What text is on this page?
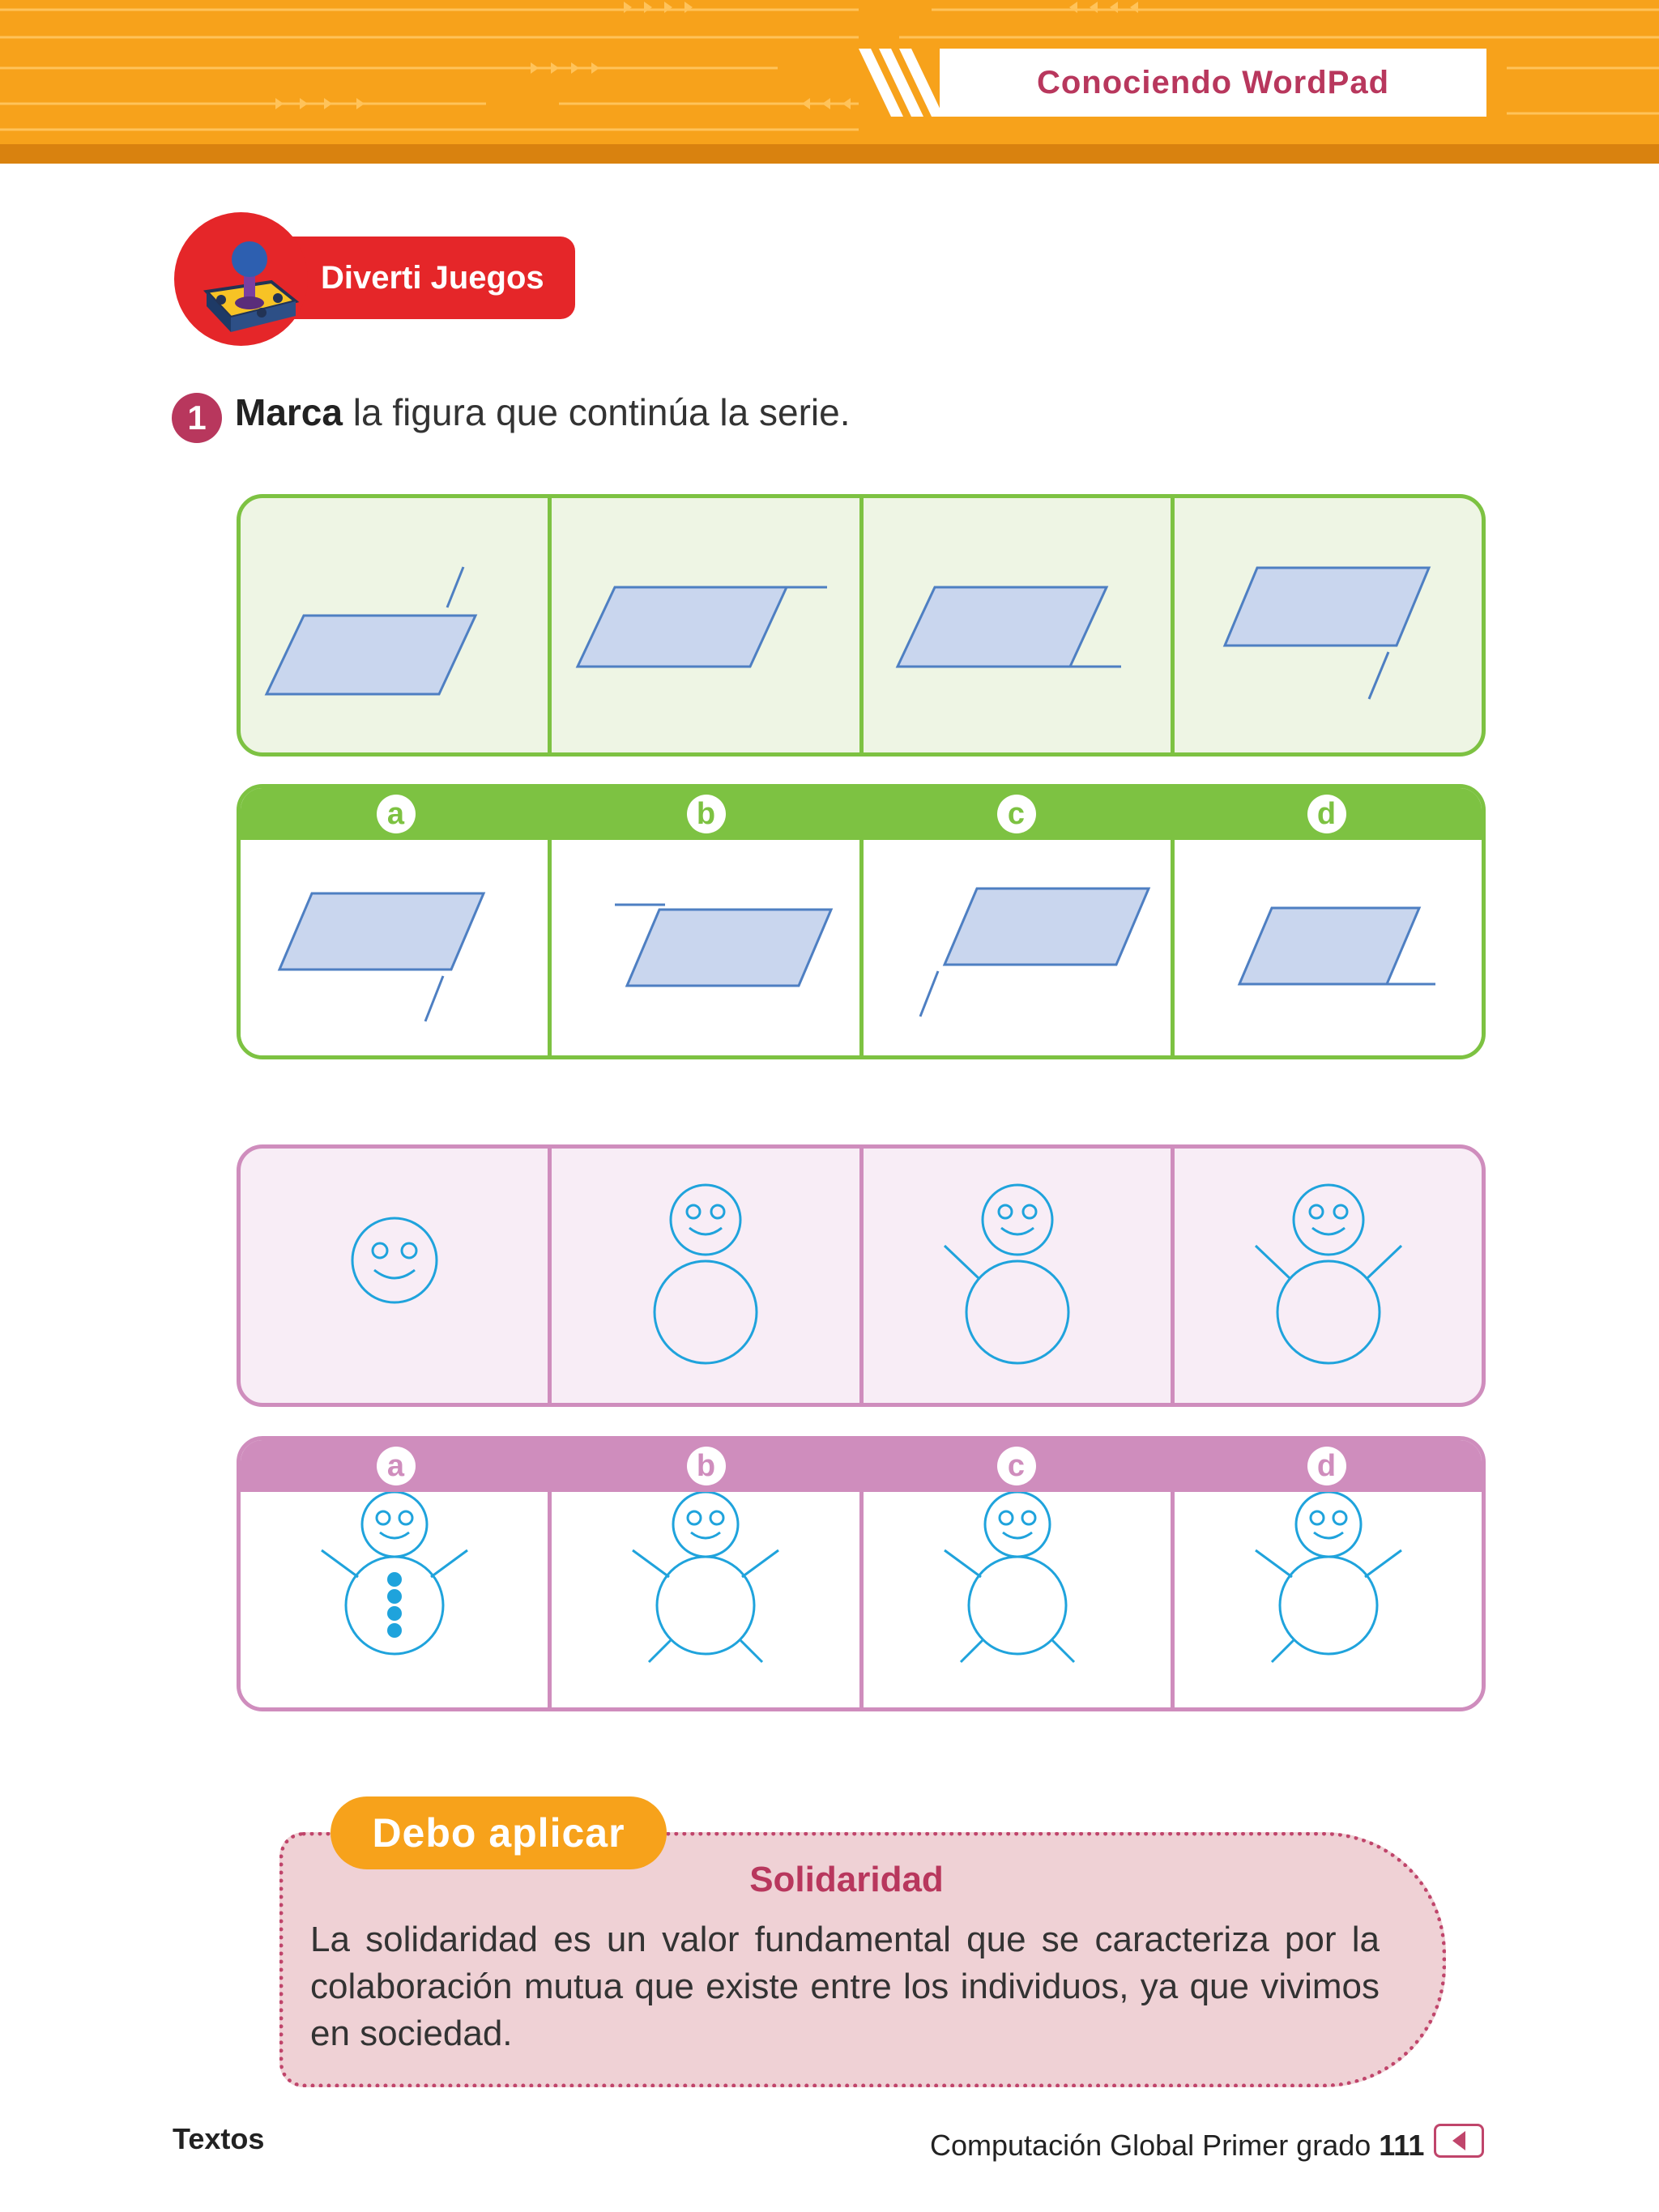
Conociendo WordPad
Diverti Juegos
1 Marca la figura que continúa la serie.
a	b	c	d
a	b	c	d
Debo aplicar
Solidaridad
La solidaridad es un valor fundamental que se caracteriza por la colaboración mutua que existe entre los individuos, ya que vivimos en sociedad.
Textos	Computación Global Primer grado 111
